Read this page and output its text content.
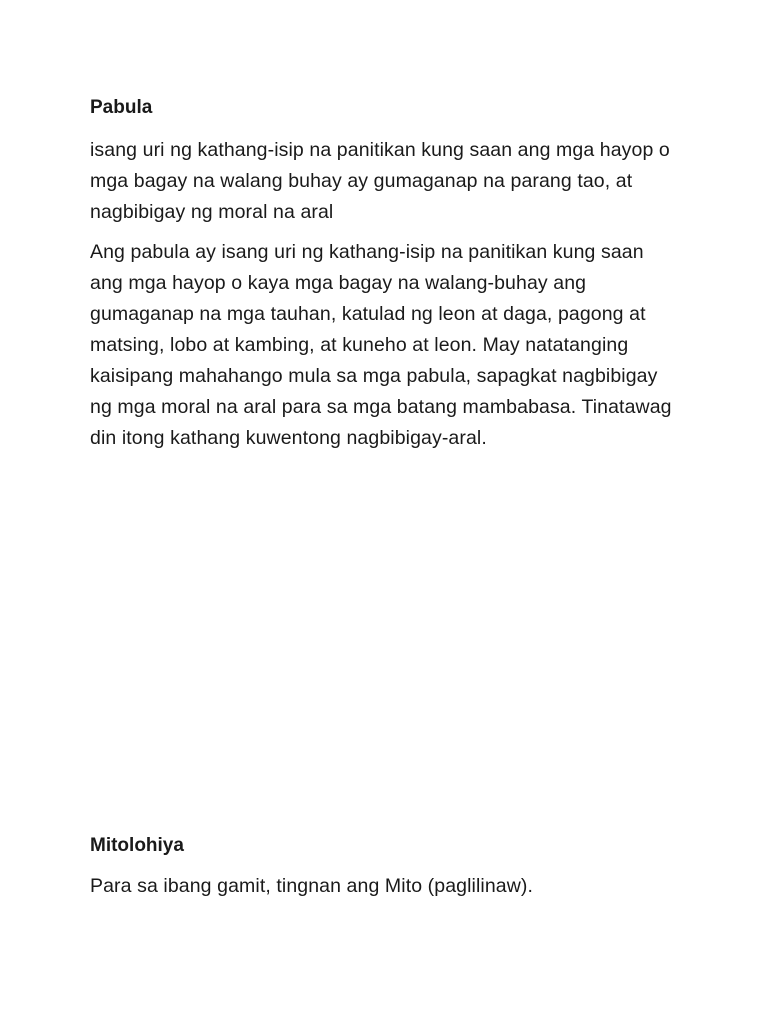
Pabula

isang uri ng kathang-isip na panitikan kung saan ang mga hayop o mga bagay na walang buhay ay gumaganap na parang tao, at nagbibigay ng moral na aral

Ang pabula ay isang uri ng kathang-isip na panitikan kung saan ang mga hayop o kaya mga bagay na walang-buhay ang gumaganap na mga tauhan, katulad ng leon at daga, pagong at matsing, lobo at kambing, at kuneho at leon. May natatanging kaisipang mahahango mula sa mga pabula, sapagkat nagbibigay ng mga moral na aral para sa mga batang mambabasa. Tinatawag din itong kathang kuwentong nagbibigay-aral.

Mitolohiya

Para sa ibang gamit, tingnan ang Mito (paglilinaw).
